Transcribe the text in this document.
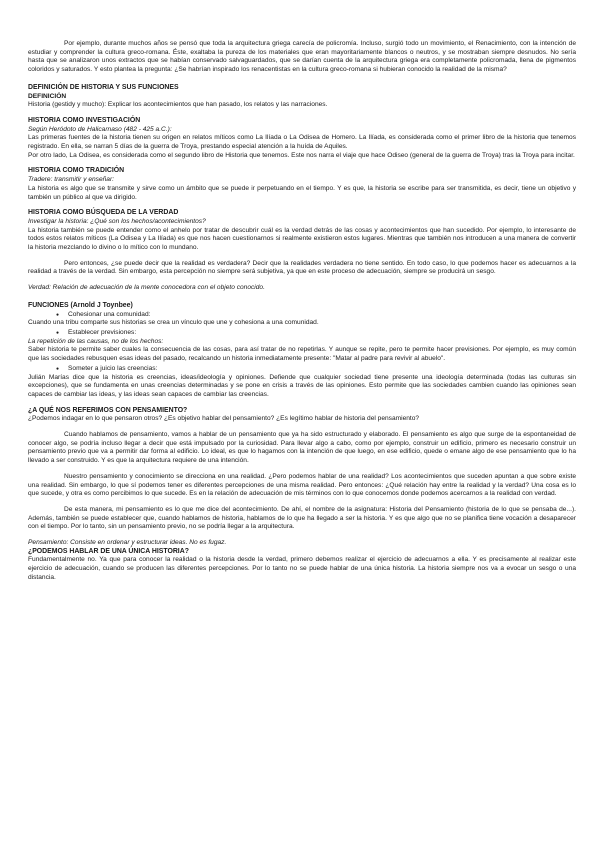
Por ejemplo, durante muchos años se pensó que toda la arquitectura griega carecía de policromía. Incluso, surgió todo un movimiento, el Renacimiento, con la intención de estudiar y comprender la cultura greco-romana. Éste, exaltaba la pureza de los materiales que eran mayoritariamente blancos o neutros, y se mostraban siempre desnudos. No sería hasta que se analizaron unos extractos que se habían conservado salvaguardados, que se darían cuenta de la arquitectura griega era completamente policromada, llena de pigmentos coloridos y saturados. Y esto plantea la pregunta: ¿Se habrían inspirado los renacentistas en la cultura greco-romana si hubieran conocido la realidad de la misma?

DEFINICIÓN DE HISTORIA Y SUS FUNCIONES
DEFINICIÓN

Historia (gestidy y mucho): Explicar los acontecimientos que han pasado, los relatos y las narraciones.

HISTORIA COMO INVESTIGACIÓN
Según Heródoto de Halicarnaso (482 - 425 a.C.):

Las primeras fuentes de la historia tienen su origen en relatos míticos como La Ilíada o La Odisea de Homero. La Ilíada, es considerada como el primer libro de la historia que tenemos registrado. En ella, se narran 5 días de la guerra de Troya, prestando especial atención a la huída de Aquiles.

Por otro lado, La Odisea, es considerada como el segundo libro de Historia que tenemos. Este nos narra el viaje que hace Odiseo (general de la guerra de Troya) tras la Troya para incitar.

HISTORIA COMO TRADICIÓN
Tradere: transmitir y enseñar:

La historia es algo que se transmite y sirve como un ámbito que se puede ir perpetuando en el tiempo. Y es que, la historia se escribe para ser transmitida, es decir, tiene un objetivo y también un público al que va dirigido.

HISTORIA COMO BÚSQUEDA DE LA VERDAD
Investigar la historia: ¿Qué son los hechos/acontecimientos?

La historia también se puede entender como el anhelo por tratar de descubrir cuál es la verdad detrás de las cosas y acontecimientos que han sucedido. Por ejemplo, lo interesante de todos estos relatos míticos (La Odisea y La Ilíada) es que nos hacen cuestionarnos si realmente existieron estos lugares. Mientras que también nos introducen a una manera de convertir la historia mezclando lo divino o lo mítico con lo mundano.

Pero entonces, ¿se puede decir que la realidad es verdadera? Decir que la realidades verdadera no tiene sentido. En todo caso, lo que podemos hacer es adecuarnos a la realidad a través de la verdad. Sin embargo, esta percepción no siempre será subjetiva, ya que en este proceso de adecuación, siempre se producirá un sesgo.

Verdad: Relación de adecuación de la mente conocedora con el objeto conocido.

FUNCIONES (Arnold J Toynbee)
● Cohesionar una comunidad:

Cuando una tribu comparte sus historias se crea un vínculo que une y cohesiona a una comunidad.

● Establecer previsiones:
La repetición de las causas, no de los hechos:

Saber historia te permite saber cuales la consecuencia de las cosas, para así tratar de no repetirlas. Y aunque se repite, pero te permite hacer previsiones. Por ejemplo, es muy común que las sociedades rebusquen esas ideas del pasado, recalcando un historia inmediatamente presente: "Matar al padre para revivir al abuelo".

● Someter a juicio las creencias:

Julián Marías dice que la historia es creencias, ideas/ideología y opiniones. Defiende que cualquier sociedad tiene presente una ideología determinada (todas las culturas sin excepciones), que se fundamenta en unas creencias determinadas y se pone en crisis a través de las opiniones. Esto permite que las sociedades cambien cuando las opiniones sean capaces de cambiar las ideas, y las ideas sean capaces de cambiar las creencias.

¿A QUÉ NOS REFERIMOS CON PENSAMIENTO?

¿Podemos indagar en lo que pensaron otros? ¿Es objetivo hablar del pensamiento? ¿Es legítimo hablar de historia del pensamiento?

Cuando hablamos de pensamiento, vamos a hablar de un pensamiento que ya ha sido estructurado y elaborado. El pensamiento es algo que surge de la espontaneidad de conocer algo, se podría incluso llegar a decir que está impulsado por la curiosidad. Para llevar algo a cabo, como por ejemplo, construir un edificio, primero es necesario construir un pensamiento previo que va a permitir dar forma al edificio. Lo ideal, es que lo hagamos con la intención de que luego, en ese edificio, quede o emane algo de ese pensamiento que lo ha llevado a ser construido. Y es que la arquitectura requiere de una intención.

Nuestro pensamiento y conocimiento se direcciona en una realidad. ¿Pero podemos hablar de una realidad? Los acontecimientos que suceden apuntan a que sobre existe una realidad. Sin embargo, lo que sí podemos tener es diferentes percepciones de una misma realidad. Pero entonces: ¿Qué relación hay entre la realidad y la verdad? Una cosa es lo que sucede, y otra es como percibimos lo que sucede. Es en la relación de adecuación de mis términos con lo que conocemos donde podemos acercarnos a la realidad con verdad.

De esta manera, mi pensamiento es lo que me dice del acontecimiento. De ahí, el nombre de la asignatura: Historia del Pensamiento (historia de lo que se pensaba de...). Además, también se puede establecer que, cuando hablamos de historia, hablamos de lo que ha llegado a ser la historia. Y es que algo que no se planifica tiene vocación a desaparecer con el tiempo. Por lo tanto, sin un pensamiento previo, no se podría llegar a la arquitectura.

Pensamiento: Consiste en ordenar y estructurar ideas. No es fugaz.

¿PODEMOS HABLAR DE UNA ÚNICA HISTORIA?

Fundamentalmente no. Ya que para conocer la realidad o la historia desde la verdad, primero debemos realizar el ejercicio de adecuarnos a ella. Y es precisamente al realizar este ejercicio de adecuación, cuando se producen las diferentes percepciones. Por lo tanto no se puede hablar de una única historia. La historia siempre nos va a evocar un sesgo o una distancia.
